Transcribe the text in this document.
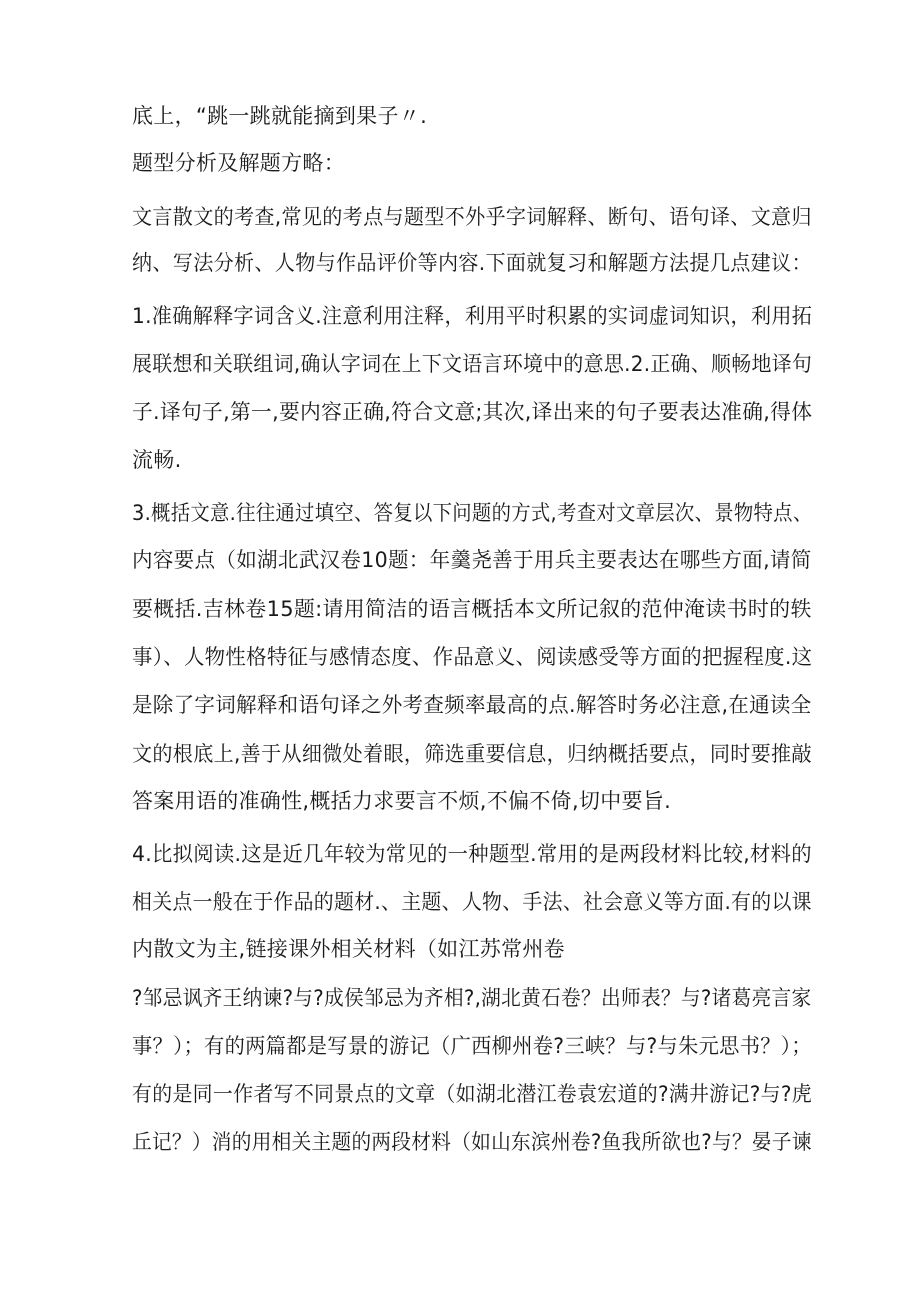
底上，“跳一跳就能摘到果子〃.
题型分析及解题方略：
文言散文的考查,常见的考点与题型不外乎字词解释、断句、语句译、文意归
纳、写法分析、人物与作品评价等内容.下面就复习和解题方法提几点建议：
1.准确解释字词含义.注意利用注释，利用平时积累的实词虚词知识，利用拓
展联想和关联组词,确认字词在上下文语言环境中的意思.2.正确、顺畅地译句
子.译句子,第一,要内容正确,符合文意;其次,译出来的句子要表达准确,得体
流畅.
3.概括文意.往往通过填空、答复以下问题的方式,考查对文章层次、景物特点、
内容要点（如湖北武汉卷10题：年羹尧善于用兵主要表达在哪些方面,请简
要概括.吉林卷15题:请用简洁的语言概括本文所记叙的范仲淹读书时的轶
事）、人物性格特征与感情态度、作品意义、阅读感受等方面的把握程度.这
是除了字词解释和语句译之外考查频率最高的点.解答时务必注意,在通读全
文的根底上,善于从细微处着眼，筛选重要信息，归纳概括要点，同时要推敲
答案用语的准确性,概括力求要言不烦,不偏不倚,切中要旨.
4.比拟阅读.这是近几年较为常见的一种题型.常用的是两段材料比较,材料的
相关点一般在于作品的题材.、主题、人物、手法、社会意义等方面.有的以课
内散文为主,链接课外相关材料（如江苏常州卷
?邹忌讽齐王纳谏?与?成侯邹忌为齐相?,湖北黄石卷？出师表？与?诸葛亮言家
事？）；有的两篇都是写景的游记（广西柳州卷?三峡？与?与朱元思书？）；
有的是同一作者写不同景点的文章（如湖北潜江卷袁宏道的?满井游记?与?虎
丘记？）消的用相关主题的两段材料（如山东滨州卷?鱼我所欲也?与？晏子谏
